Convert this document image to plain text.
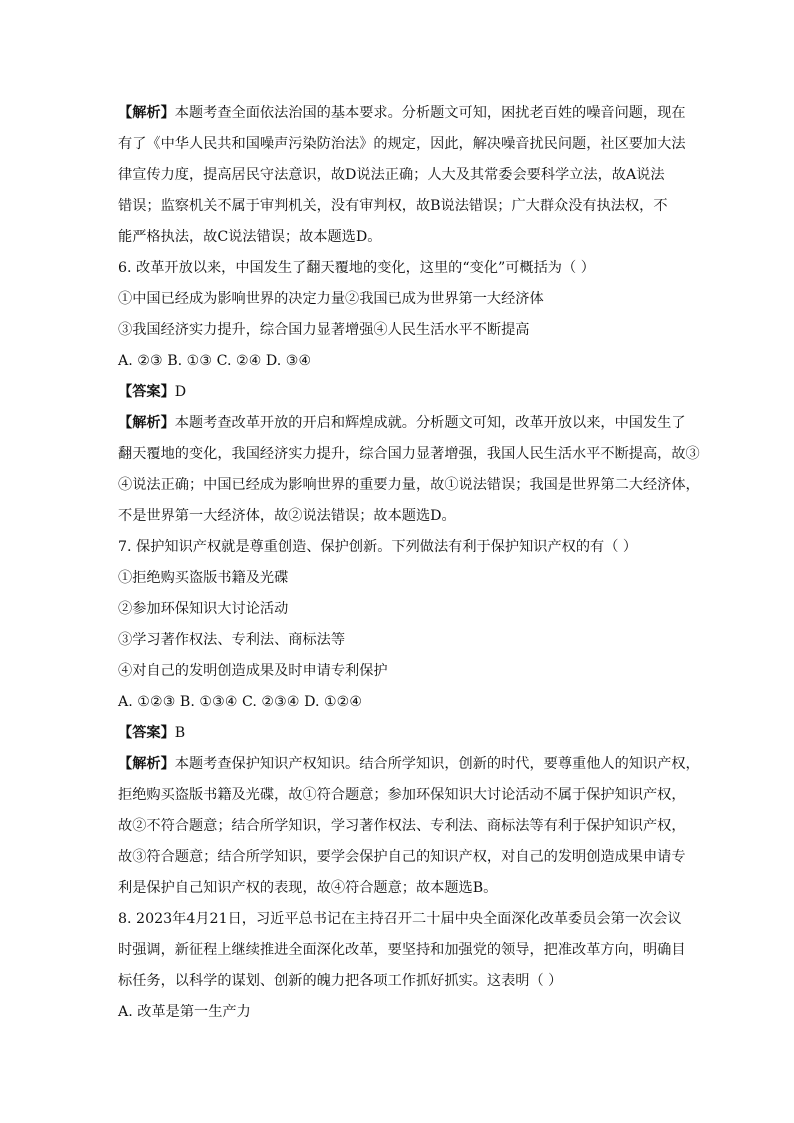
【解析】本题考查全面依法治国的基本要求。分析题文可知，困扰老百姓的噪音问题，现在
有了《中华人民共和国噪声污染防治法》的规定，因此，解决噪音扰民问题，社区要加大法
律宣传力度，提高居民守法意识，故D说法正确；人大及其常委会要科学立法，故A说法
错误；监察机关不属于审判机关，没有审判权，故B说法错误；广大群众没有执法权，不
能严格执法，故C说法错误；故本题选D。
6. 改革开放以来，中国发生了翻天覆地的变化，这里的“变化”可概括为（ ）
①中国已经成为影响世界的决定力量②我国已成为世界第一大经济体
③我国经济实力提升，综合国力显著增强④人民生活水平不断提高
A. ②③ B. ①③ C. ②④ D. ③④
【答案】D
【解析】本题考查改革开放的开启和辉煌成就。分析题文可知，改革开放以来，中国发生了
翻天覆地的变化，我国经济实力提升，综合国力显著增强，我国人民生活水平不断提高，故③
④说法正确；中国已经成为影响世界的重要力量，故①说法错误；我国是世界第二大经济体，
不是世界第一大经济体，故②说法错误；故本题选D。
7. 保护知识产权就是尊重创造、保护创新。下列做法有利于保护知识产权的有（ ）
①拒绝购买盗版书籍及光碟
②参加环保知识大讨论活动
③学习著作权法、专利法、商标法等
④对自己的发明创造成果及时申请专利保护
A. ①②③ B. ①③④ C. ②③④ D. ①②④
【答案】B
【解析】本题考查保护知识产权知识。结合所学知识，创新的时代，要尊重他人的知识产权，
拒绝购买盗版书籍及光碟，故①符合题意；参加环保知识大讨论活动不属于保护知识产权，
故②不符合题意；结合所学知识，学习著作权法、专利法、商标法等有利于保护知识产权，
故③符合题意；结合所学知识，要学会保护自己的知识产权，对自己的发明创造成果申请专
利是保护自己知识产权的表现，故④符合题意；故本题选B。
8. 2023年4月21日，习近平总书记在主持召开二十届中央全面深化改革委员会第一次会议
时强调，新征程上继续推进全面深化改革，要坚持和加强党的领导，把准改革方向，明确目
标任务，以科学的谋划、创新的魄力把各项工作抓好抓实。这表明（ ）
A. 改革是第一生产力
